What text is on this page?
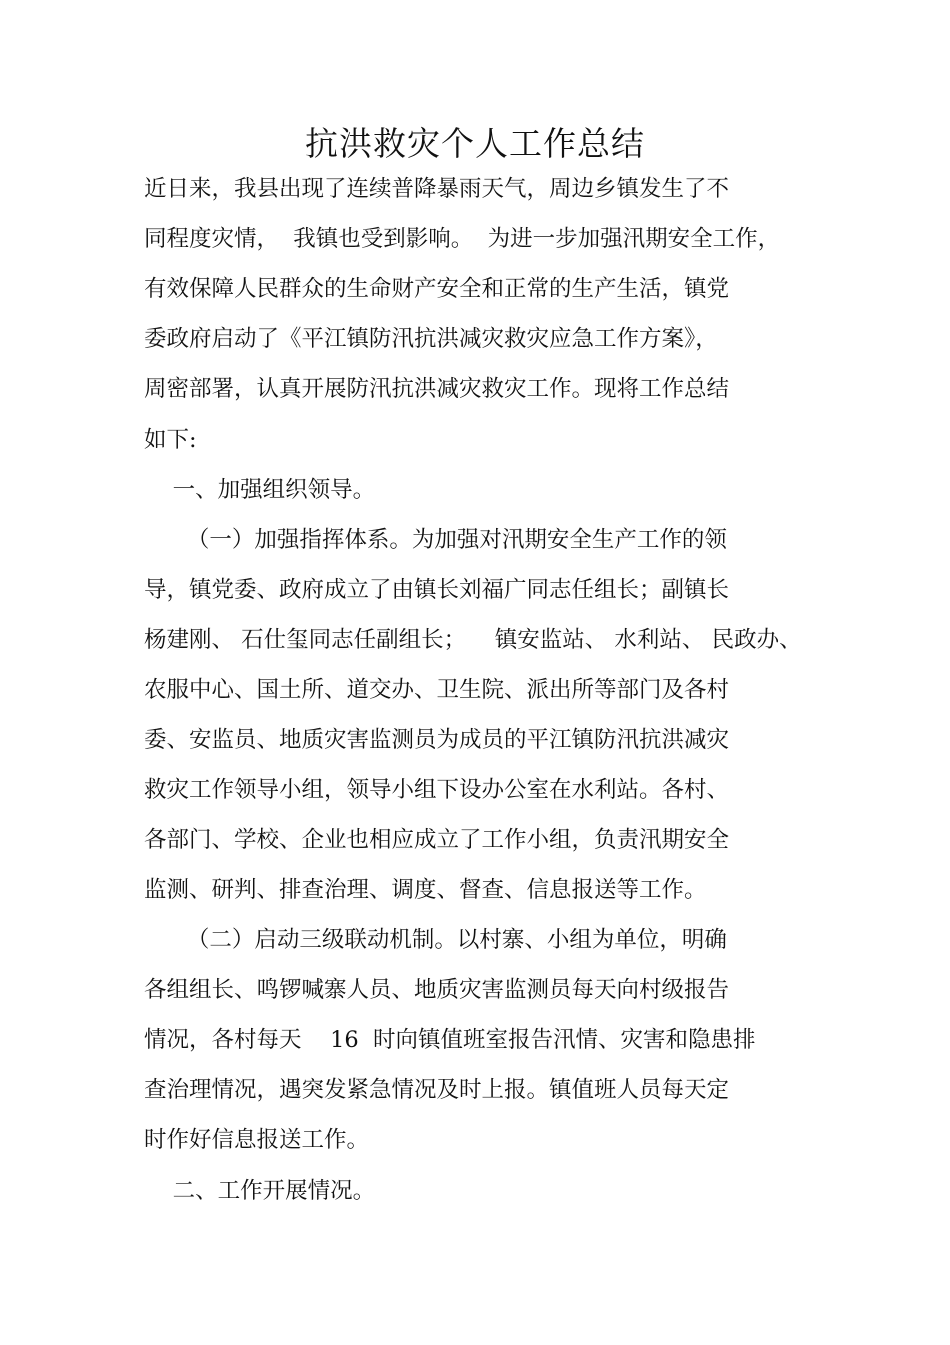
抗洪救灾个人工作总结
近日来，我县出现了连续普降暴雨天气，周边乡镇发生了不
同程度灾情，  我镇也受到影响。  为进一步加强汛期安全工作，
有效保障人民群众的生命财产安全和正常的生产生活，镇党
委政府启动了《平江镇防汛抗洪减灾救灾应急工作方案》，
周密部署，认真开展防汛抗洪减灾救灾工作。现将工作总结
如下:
一、加强组织领导。
（一）加强指挥体系。为加强对汛期安全生产工作的领
导，镇党委、政府成立了由镇长刘福广同志任组长；副镇长
杨建刚、 石仕玺同志任副组长；    镇安监站、 水利站、 民政办、
农服中心、国土所、道交办、卫生院、派出所等部门及各村
委、安监员、地质灾害监测员为成员的平江镇防汛抗洪减灾
救灾工作领导小组，领导小组下设办公室在水利站。各村、
各部门、学校、企业也相应成立了工作小组，负责汛期安全
监测、研判、排查治理、调度、督查、信息报送等工作。
（二）启动三级联动机制。以村寨、小组为单位，明确
各组组长、鸣锣喊寨人员、地质灾害监测员每天向村级报告
情况，各村每天    16  时向镇值班室报告汛情、灾害和隐患排
查治理情况，遇突发紧急情况及时上报。镇值班人员每天定
时作好信息报送工作。
二、工作开展情况。
